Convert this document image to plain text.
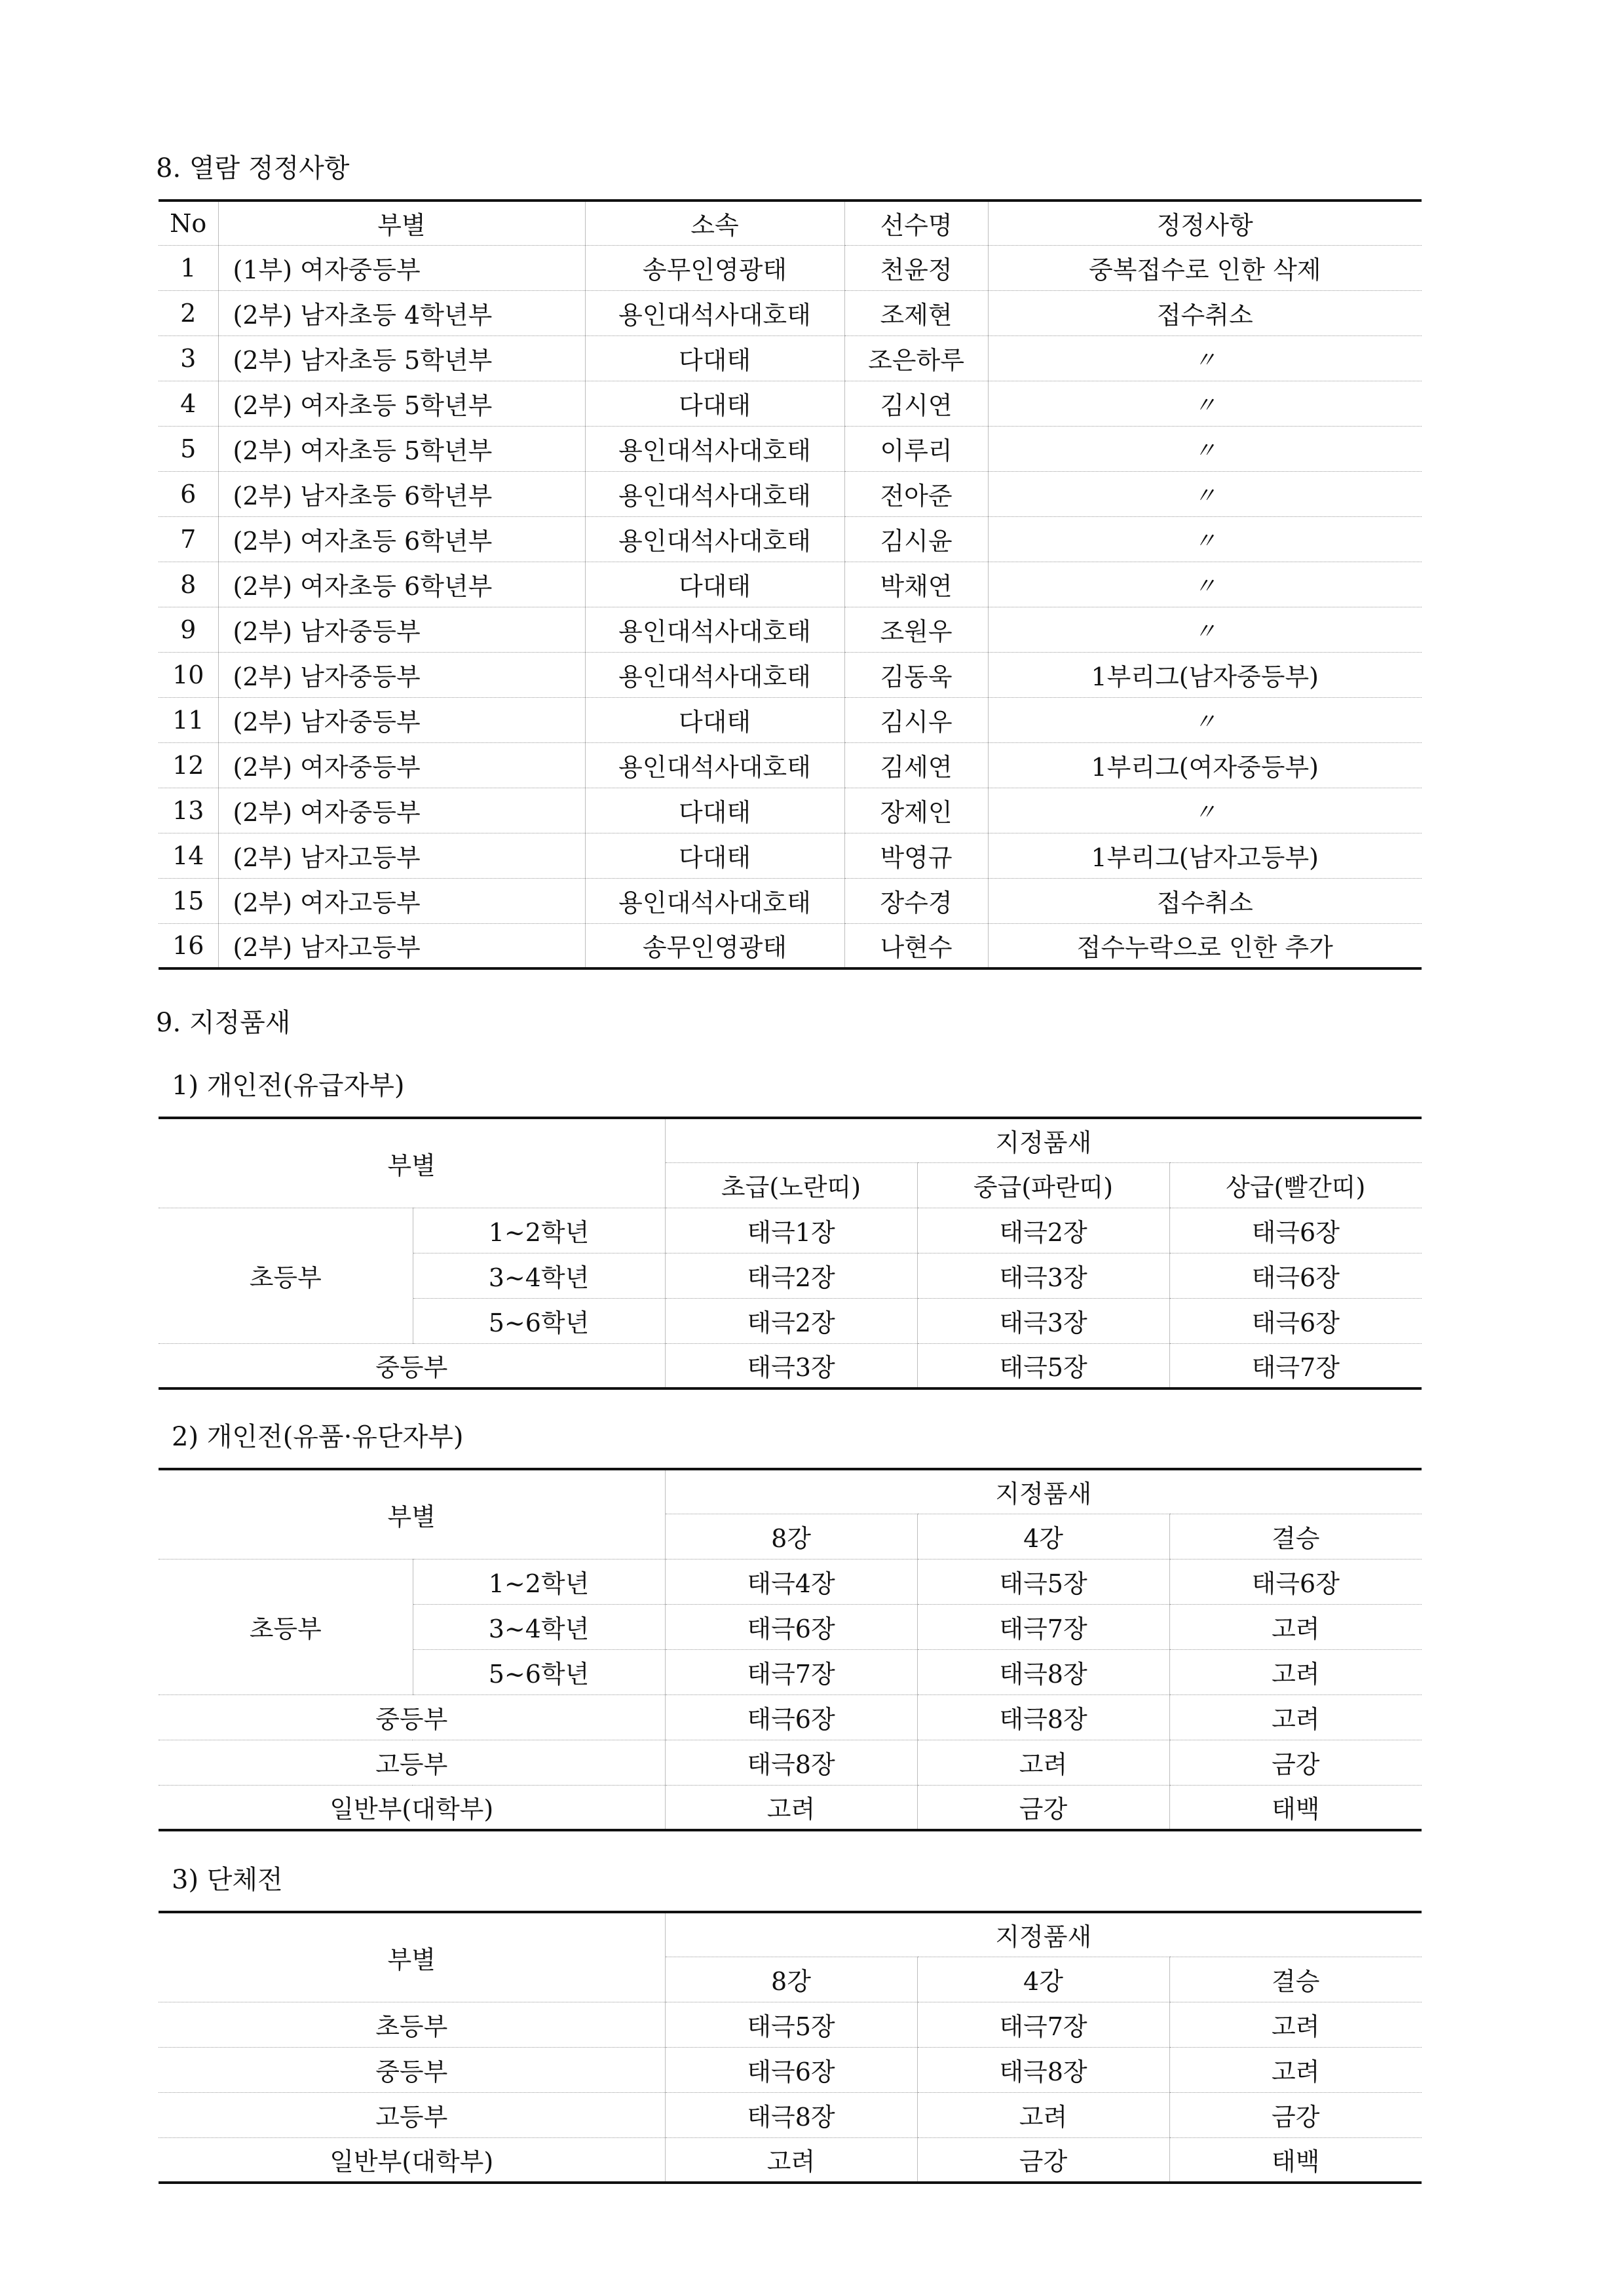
8. 열람 정정사항
No	부별	소속	선수명	정정사항
1	(1부) 여자중등부	송무인영광태	천윤정	중복접수로 인한 삭제
2	(2부) 남자초등 4학년부	용인대석사대호태	조제현	접수취소
3	(2부) 남자초등 5학년부	다대태	조은하루	〃
4	(2부) 여자초등 5학년부	다대태	김시연	〃
5	(2부) 여자초등 5학년부	용인대석사대호태	이루리	〃
6	(2부) 남자초등 6학년부	용인대석사대호태	전아준	〃
7	(2부) 여자초등 6학년부	용인대석사대호태	김시윤	〃
8	(2부) 여자초등 6학년부	다대태	박채연	〃
9	(2부) 남자중등부	용인대석사대호태	조원우	〃
10	(2부) 남자중등부	용인대석사대호태	김동욱	1부리그(남자중등부)
11	(2부) 남자중등부	다대태	김시우	〃
12	(2부) 여자중등부	용인대석사대호태	김세연	1부리그(여자중등부)
13	(2부) 여자중등부	다대태	장제인	〃
14	(2부) 남자고등부	다대태	박영규	1부리그(남자고등부)
15	(2부) 여자고등부	용인대석사대호태	장수경	접수취소
16	(2부) 남자고등부	송무인영광태	나현수	접수누락으로 인한 추가
9. 지정품새
1) 개인전(유급자부)
부별		지정품새		
		초급(노란띠)	중급(파란띠)	상급(빨간띠)
초등부	1~2학년	태극1장	태극2장	태극6장
	3~4학년	태극2장	태극3장	태극6장
	5~6학년	태극2장	태극3장	태극6장
중등부		태극3장	태극5장	태극7장
2) 개인전(유품·유단자부)
부별		지정품새		
		8강	4강	결승
초등부	1~2학년	태극4장	태극5장	태극6장
	3~4학년	태극6장	태극7장	고려
	5~6학년	태극7장	태극8장	고려
중등부		태극6장	태극8장	고려
고등부		태극8장	고려	금강
일반부(대학부)		고려	금강	태백
3) 단체전
부별	지정품새		
	8강	4강	결승
초등부	태극5장	태극7장	고려
중등부	태극6장	태극8장	고려
고등부	태극8장	고려	금강
일반부(대학부)	고려	금강	태백
